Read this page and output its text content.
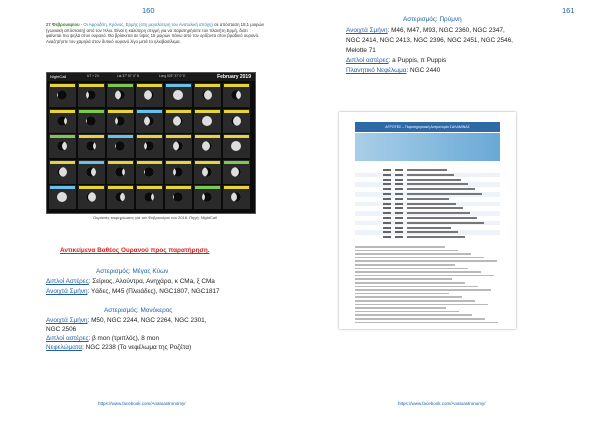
160
27 Φεβρουαρίου - Οι Αφροδίτη, Κρόνος, Ερμής (στη μεγαλύτερη του Ανατολική απόχη) σε απόσταση 18,1 μοιρών (γωνιακή απόσταση) από τον Ήλιο. Είναι η καλύτερη στιγμή για να παρατηρήσετε τον πλανήτη Ερμή, διότι φαίνεται πιο ψηλά στον ουρανό. Θα βρίσκεται σε ύψος 15 μοιρών πάνω από τον ορίζοντα στον βραδινό ουρανό. Αναζητήστε τον χαμηλά στον δυτικό ουρανό λίγο μετά το ηλιοβασίλεμα.
NightCall	UT + 2 h	Lat 37° 57' 0" N	Long 023° 37' 0" E	February 2019
Ουράνιες τεκμηρίωσεις για τον Φεβρουάριο του 2018. Πηγή: NightCall
Αντικείμενα Βαθέος Ουρανού προς παρατήρηση.
Αστερισμός: Μέγας Κύων
Διπλοί Αστέρες: Σείριος, Αλούντρα, Ανηχάρα, κ CMa, ξ CMa
Ανοιχτά Σμήνη: Υάδες, M45 (Πλειάδες), NGC1807, NGC1817
Αστερισμός: Μονόκερος
Ανοιχτά Σμήνη: M50, NGC 2244, NGC 2264, NGC 2301,
NGC 2506
Διπλοί αστέρες: β mon (τριπλός), 8 mon
Νεφελώματα: NGC 2238 (Το νεφέλωμα της Ροζέτα)
https://www.facebook.com/Anatoastronomy/
161
Αστερισμός: Πρύμνη
Ανοιχτά Σμήνη: M46, M47, M93, NGC 2360, NGC 2347,
NGC 2414, NGC 2413, NGC 2396, NGC 2451, NGC 2546,
Melotte 71
Διπλοί αστέρες: a Puppis, π Puppis
Πλανητικό Νεφέλωμα: NGC 2440
https://www.facebook.com/Anatoastronomy/
ΑΓΡΟΤΕΣ – Παρατηρησιακή Αστρονομία ΣΑΛΑΜΙΝΑΣ
